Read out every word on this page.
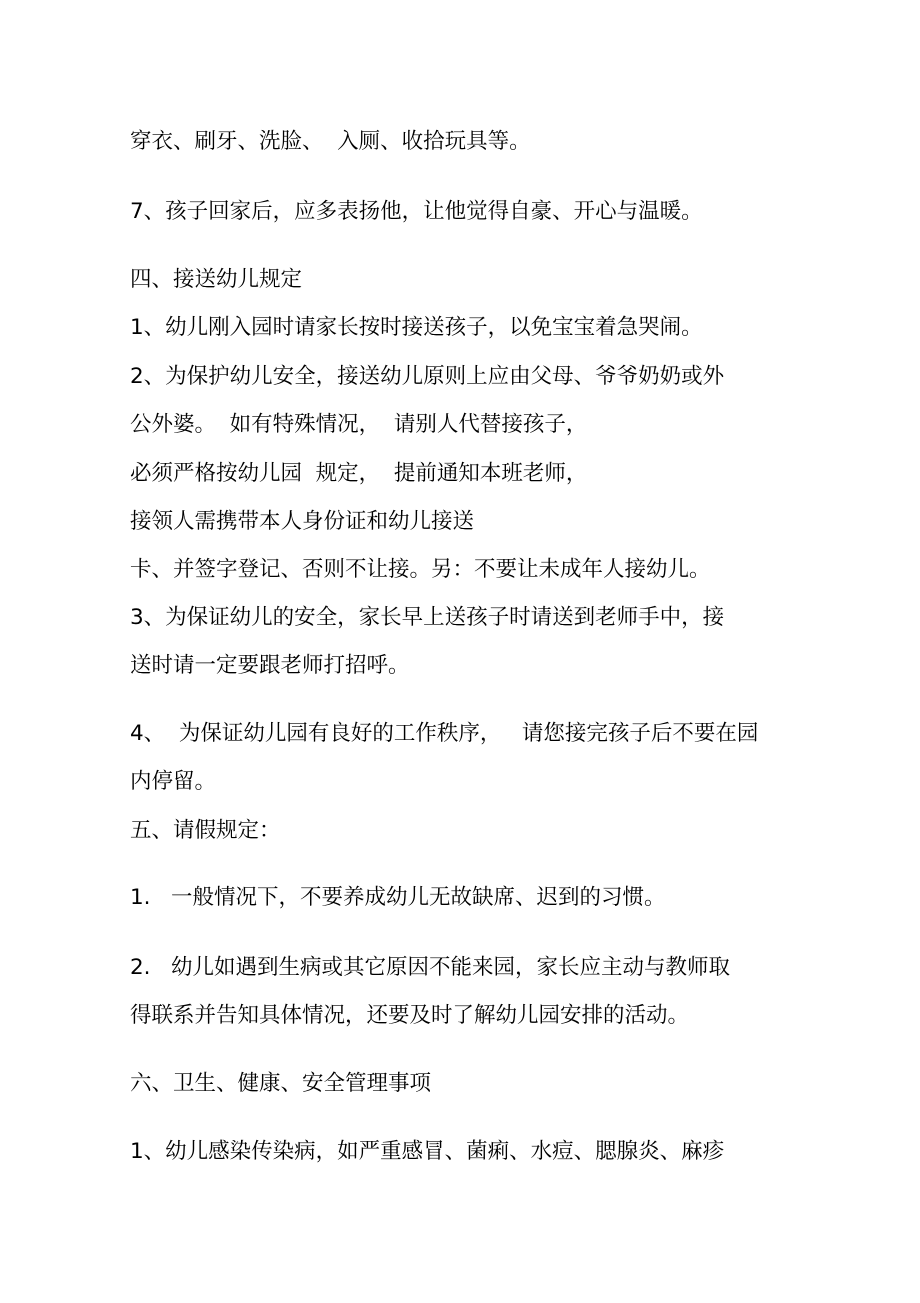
穿衣、刷牙、洗脸、  入厕、收拾玩具等。

7、孩子回家后，应多表扬他，让他觉得自豪、开心与温暖。

四、接送幼儿规定

1、幼儿刚入园时请家长按时接送孩子，以免宝宝着急哭闹。

2、为保护幼儿安全，接送幼儿原则上应由父母、爷爷奶奶或外

公外婆。  如有特殊情况，  请别人代替接孩子，

必须严格按幼儿园  规定，  提前通知本班老师，

接领人需携带本人身份证和幼儿接送

卡、并签字登记、否则不让接。另：不要让未成年人接幼儿。

3、为保证幼儿的安全，家长早上送孩子时请送到老师手中，接

送时请一定要跟老师打招呼。

4、  为保证幼儿园有良好的工作秩序，   请您接完孩子后不要在园

内停留。

五、请假规定：

1.   一般情况下，不要养成幼儿无故缺席、迟到的习惯。

2.   幼儿如遇到生病或其它原因不能来园，家长应主动与教师取

得联系并告知具体情况，还要及时了解幼儿园安排的活动。

六、卫生、健康、安全管理事项

1、幼儿感染传染病，如严重感冒、菌痢、水痘、腮腺炎、麻疹
